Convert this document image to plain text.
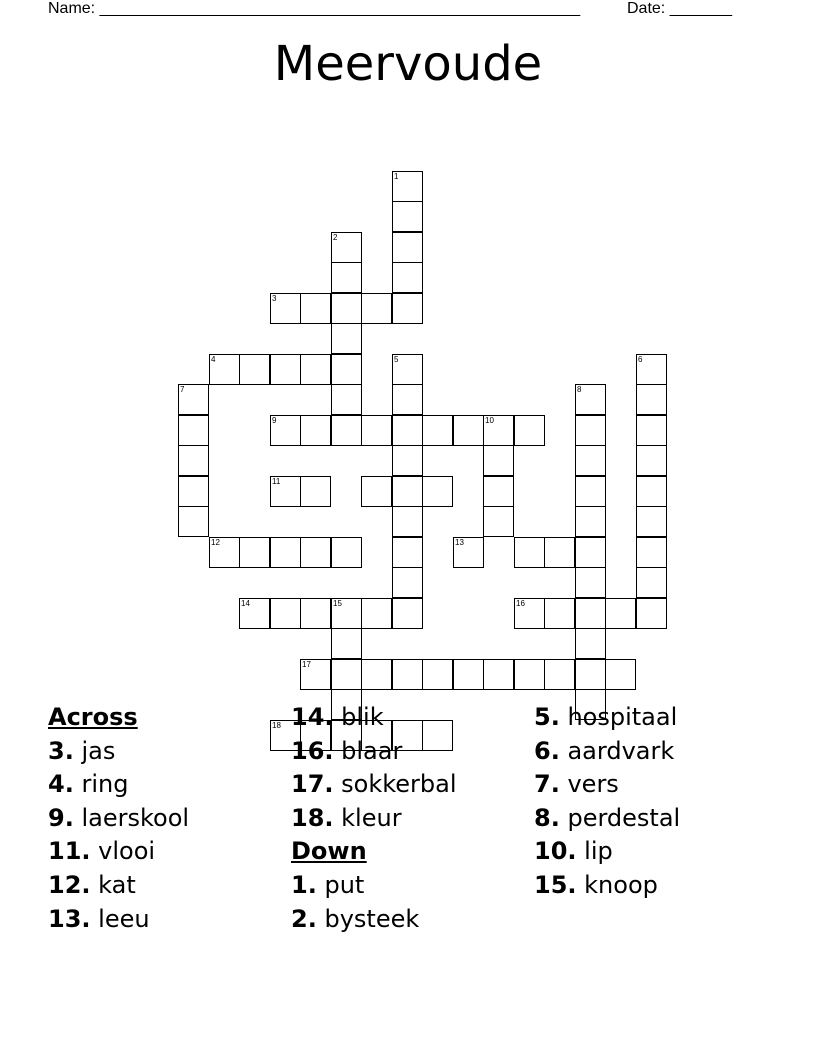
Name: ______________________________________________________	Date: _______
Meervoude
1
2
3
4	5	6
7	8
9	10
11
12	13
14	15	16
17
18
Across
3. jas
4. ring
9. laerskool
11. vlooi
12. kat
13. leeu
14. blik
16. blaar
17. sokkerbal
18. kleur
Down
1. put
2. bysteek
5. hospitaal
6. aardvark
7. vers
8. perdestal
10. lip
15. knoop
